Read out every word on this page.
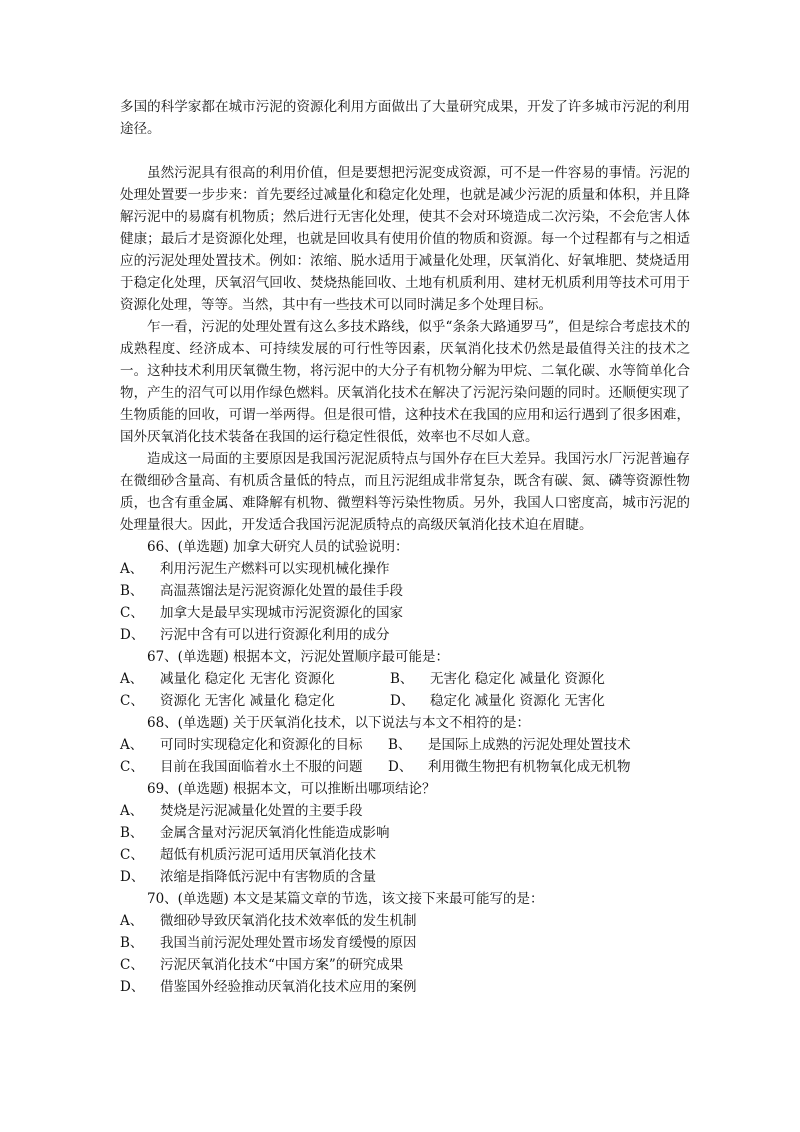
多国的科学家都在城市污泥的资源化利用方面做出了大量研究成果，开发了许多城市污泥的利用途径。

虽然污泥具有很高的利用价值，但是要想把污泥变成资源，可不是一件容易的事情。污泥的处理处置要一步步来：首先要经过减量化和稳定化处理，也就是减少污泥的质量和体积，并且降解污泥中的易腐有机物质；然后进行无害化处理，使其不会对环境造成二次污染，不会危害人体健康；最后才是资源化处理，也就是回收具有使用价值的物质和资源。每一个过程都有与之相适应的污泥处理处置技术。例如：浓缩、脱水适用于减量化处理，厌氧消化、好氧堆肥、焚烧适用于稳定化处理，厌氧沼气回收、焚烧热能回收、土地有机质利用、建材无机质利用等技术可用于资源化处理，等等。当然，其中有一些技术可以同时满足多个处理目标。

乍一看，污泥的处理处置有这么多技术路线，似乎“条条大路通罗马”，但是综合考虑技术的成熟程度、经济成本、可持续发展的可行性等因素，厌氧消化技术仍然是最值得关注的技术之一。这种技术利用厌氧微生物，将污泥中的大分子有机物分解为甲烷、二氧化碳、水等简单化合物，产生的沼气可以用作绿色燃料。厌氧消化技术在解决了污泥污染问题的同时。还顺便实现了生物质能的回收，可谓一举两得。但是很可惜，这种技术在我国的应用和运行遇到了很多困难，国外厌氧消化技术装备在我国的运行稳定性很低，效率也不尽如人意。

造成这一局面的主要原因是我国污泥泥质特点与国外存在巨大差异。我国污水厂污泥普遍存在微细砂含量高、有机质含量低的特点，而且污泥组成非常复杂，既含有碳、氮、磷等资源性物质，也含有重金属、难降解有机物、微塑料等污染性物质。另外，我国人口密度高，城市污泥的处理量很大。因此，开发适合我国污泥泥质特点的高级厌氧消化技术迫在眉睫。

66、(单选题) 加拿大研究人员的试验说明：

A、 利用污泥生产燃料可以实现机械化操作
B、 高温蒸馏法是污泥资源化处置的最佳手段
C、 加拿大是最早实现城市污泥资源化的国家
D、 污泥中含有可以进行资源化利用的成分

67、(单选题) 根据本文，污泥处置顺序最可能是：

A、	减量化 稳定化 无害化 资源化	B、	无害化 稳定化 减量化 资源化
C、	资源化 无害化 减量化 稳定化	D、	稳定化 减量化 资源化 无害化

68、(单选题) 关于厌氧消化技术，以下说法与本文不相符的是：

A、	可同时实现稳定化和资源化的目标 B、	是国际上成熟的污泥处理处置技术
C、	目前在我国面临着水土不服的问题 D、	利用微生物把有机物氧化成无机物

69、(单选题) 根据本文，可以推断出哪项结论？

A、 焚烧是污泥减量化处置的主要手段
B、 金属含量对污泥厌氧消化性能造成影响
C、 超低有机质污泥可适用厌氧消化技术
D、 浓缩是指降低污泥中有害物质的含量

70、(单选题) 本文是某篇文章的节选，该文接下来最可能写的是：

A、 微细砂导致厌氧消化技术效率低的发生机制
B、 我国当前污泥处理处置市场发育缓慢的原因
C、 污泥厌氧消化技术“中国方案”的研究成果
D、 借鉴国外经验推动厌氧消化技术应用的案例
